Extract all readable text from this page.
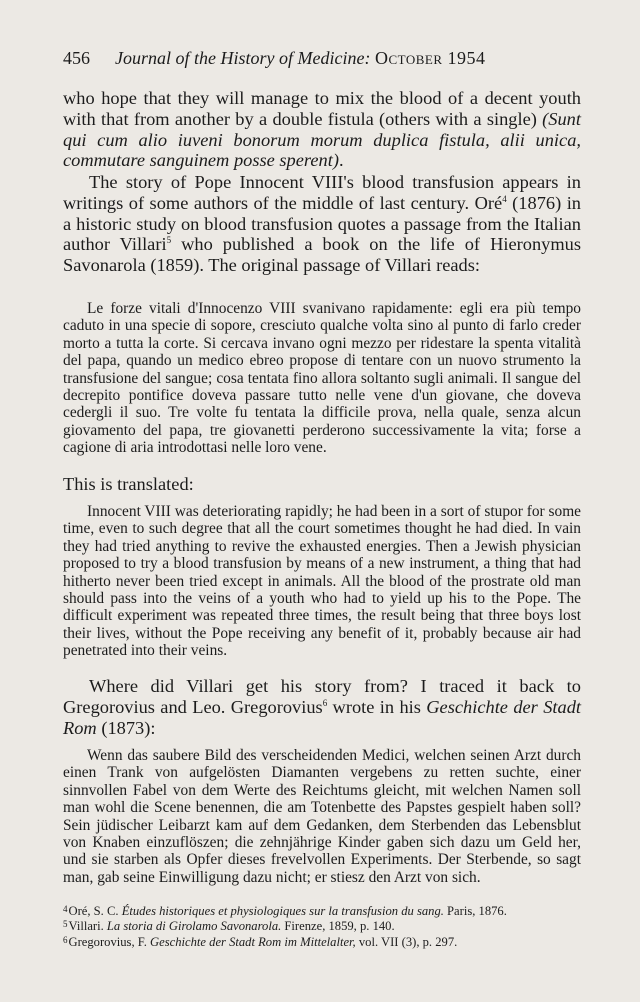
456 Journal of the History of Medicine: October 1954

who hope that they will manage to mix the blood of a decent youth with that from another by a double fistula (others with a single) (Sunt qui cum alio iuveni bonorum morum duplica fistula, alii unica, commutare sanguinem posse sperent).

The story of Pope Innocent VIII's blood transfusion appears in writings of some authors of the middle of last century. Oré$^4$ (1876) in a historic study on blood transfusion quotes a passage from the Italian author Villari$^5$ who published a book on the life of Hieronymus Savonarola (1859). The original passage of Villari reads:

Le forze vitali d'Innocenzo VIII svanivano rapidamente: egli era più tempo caduto in una specie di sopore, cresciuto qualche volta sino al punto di farlo creder morto a tutta la corte. Si cercava invano ogni mezzo per ridestare la spenta vitalità del papa, quando un medico ebreo propose di tentare con un nuovo strumento la transfusione del sangue; cosa tentata fino allora soltanto sugli animali. Il sangue del decrepito pontifice doveva passare tutto nelle vene d'un giovane, che doveva cedergli il suo. Tre volte fu tentata la difficile prova, nella quale, senza alcun giovamento del papa, tre giovanetti perderono successivamente la vita; forse a cagione di aria introdottasi nelle loro vene.

This is translated:

Innocent VIII was deteriorating rapidly; he had been in a sort of stupor for some time, even to such degree that all the court sometimes thought he had died. In vain they had tried anything to revive the exhausted energies. Then a Jewish physician proposed to try a blood transfusion by means of a new instrument, a thing that had hitherto never been tried except in animals. All the blood of the prostrate old man should pass into the veins of a youth who had to yield up his to the Pope. The difficult experiment was repeated three times, the result being that three boys lost their lives, without the Pope receiving any benefit of it, probably because air had penetrated into their veins.

Where did Villari get his story from? I traced it back to Gregorovius and Leo. Gregorovius$^6$ wrote in his Geschichte der Stadt Rom (1873):

Wenn das saubere Bild des verscheidenden Medici, welchen seinen Arzt durch einen Trank von aufgelösten Diamanten vergebens zu retten suchte, einer sinnvollen Fabel von dem Werte des Reichtums gleicht, mit welchen Namen soll man wohl die Scene benennen, die am Totenbette des Papstes gespielt haben soll? Sein jüdischer Leibarzt kam auf dem Gedanken, dem Sterbenden das Lebensblut von Knaben einzuflöszen; die zehnjährige Kinder gaben sich dazu um Geld her, und sie starben als Opfer dieses frevelvollen Experiments. Der Sterbende, so sagt man, gab seine Einwilligung dazu nicht; er stiesz den Arzt von sich.

$^4$Oré, S. C. Études historiques et physiologiques sur la transfusion du sang. Paris, 1876.

$^5$Villari. La storia di Girolamo Savonarola. Firenze, 1859, p. 140.

$^6$Gregorovius, F. Geschichte der Stadt Rom im Mittelalter, vol. VII (3), p. 297.
